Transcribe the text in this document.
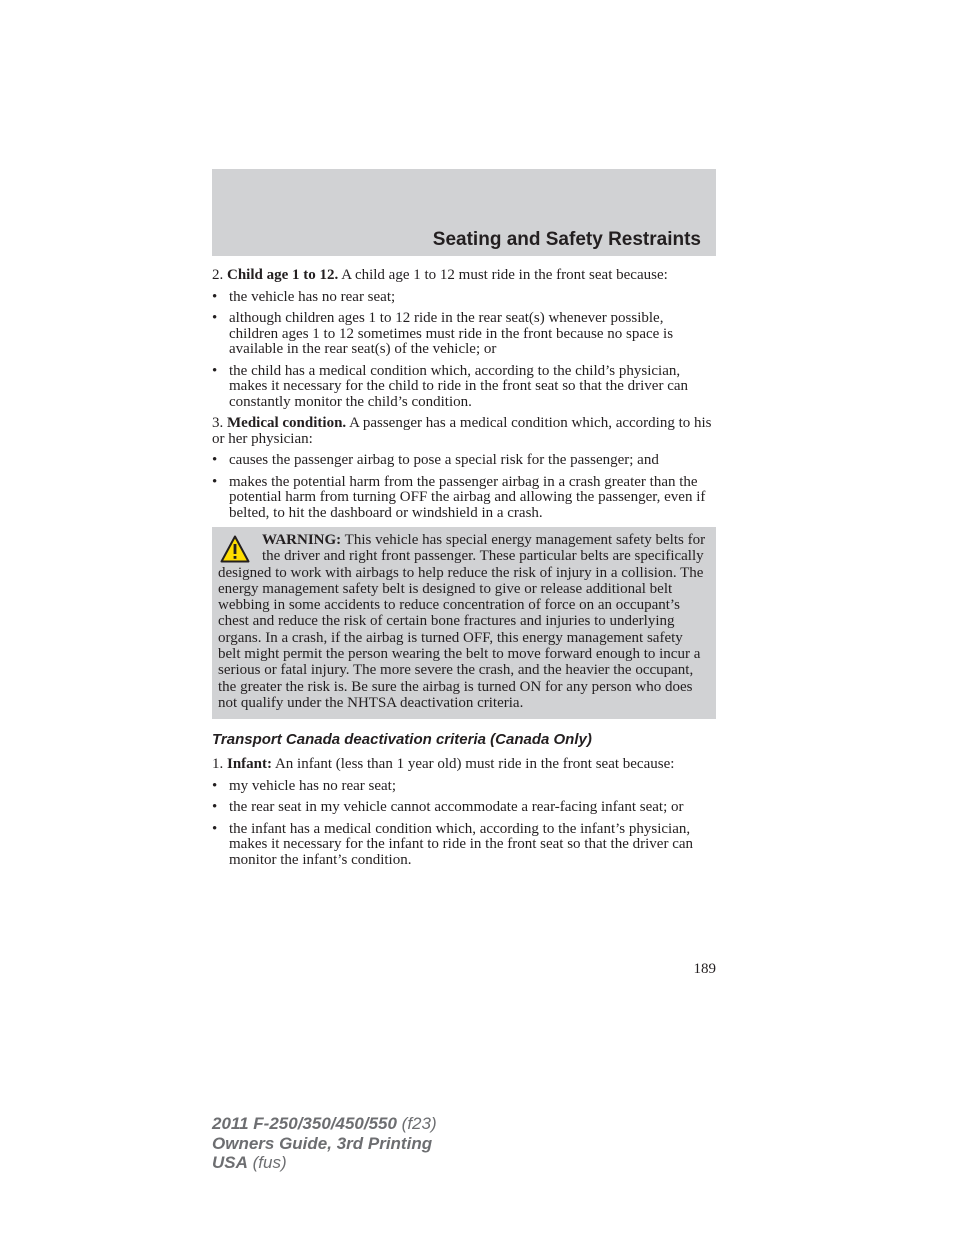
Seating and Safety Restraints

2. Child age 1 to 12. A child age 1 to 12 must ride in the front seat because:

• the vehicle has no rear seat;
• although children ages 1 to 12 ride in the rear seat(s) whenever possible, children ages 1 to 12 sometimes must ride in the front because no space is available in the rear seat(s) of the vehicle; or
• the child has a medical condition which, according to the child’s physician, makes it necessary for the child to ride in the front seat so that the driver can constantly monitor the child’s condition.

3. Medical condition. A passenger has a medical condition which, according to his or her physician:

• causes the passenger airbag to pose a special risk for the passenger; and
• makes the potential harm from the passenger airbag in a crash greater than the potential harm from turning OFF the airbag and allowing the passenger, even if belted, to hit the dashboard or windshield in a crash.
WARNING: This vehicle has special energy management safety belts for the driver and right front passenger. These particular belts are specifically designed to work with airbags to help reduce the risk of injury in a collision. The energy management safety belt is designed to give or release additional belt webbing in some accidents to reduce concentration of force on an occupant’s chest and reduce the risk of certain bone fractures and injuries to underlying organs. In a crash, if the airbag is turned OFF, this energy management safety belt might permit the person wearing the belt to move forward enough to incur a serious or fatal injury. The more severe the crash, and the heavier the occupant, the greater the risk is. Be sure the airbag is turned ON for any person who does not qualify under the NHTSA deactivation criteria.
Transport Canada deactivation criteria (Canada Only)

1. Infant: An infant (less than 1 year old) must ride in the front seat because:

• my vehicle has no rear seat;
• the rear seat in my vehicle cannot accommodate a rear-facing infant seat; or
• the infant has a medical condition which, according to the infant’s physician, makes it necessary for the infant to ride in the front seat so that the driver can monitor the infant’s condition.
189
2011 F-250/350/450/550 (f23)
Owners Guide, 3rd Printing
USA (fus)
